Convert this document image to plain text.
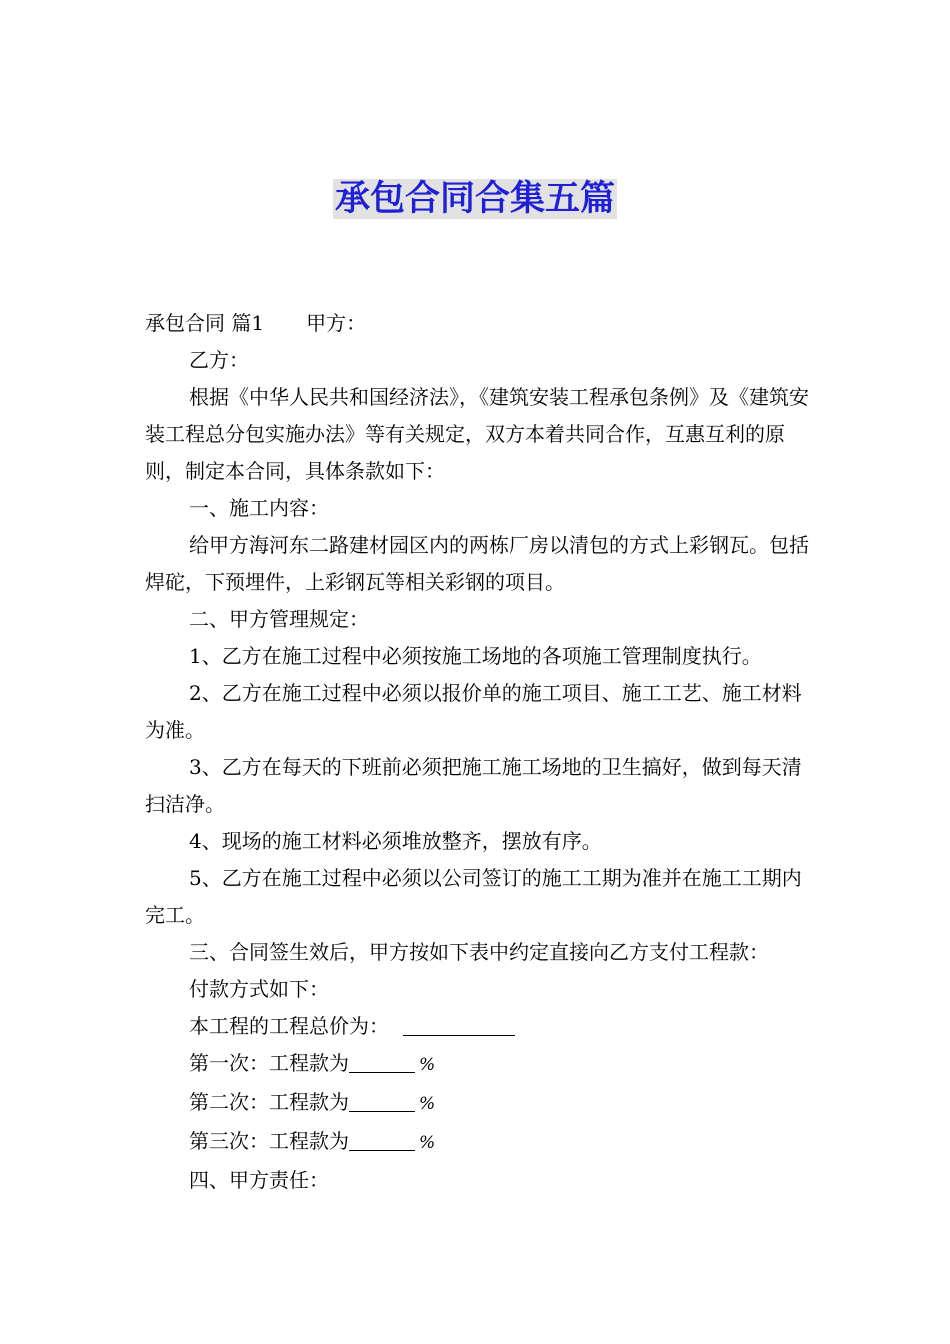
承包合同合集五篇

承包合同 篇1 甲方：

乙方：

根据《中华人民共和国经济法》，《建筑安装工程承包条例》及《建筑安装工程总分包实施办法》等有关规定，双方本着共同合作，互惠互利的原则，制定本合同，具体条款如下：

一、施工内容：

给甲方海河东二路建材园区内的两栋厂房以清包的方式上彩钢瓦。包括焊砣，下预埋件，上彩钢瓦等相关彩钢的项目。

二、甲方管理规定：

1、乙方在施工过程中必须按施工场地的各项施工管理制度执行。

2、乙方在施工过程中必须以报价单的施工项目、施工工艺、施工材料为准。

3、乙方在每天的下班前必须把施工施工场地的卫生搞好，做到每天清扫洁净。

4、现场的施工材料必须堆放整齐，摆放有序。

5、乙方在施工过程中必须以公司签订的施工工期为准并在施工工期内完工。

三、合同签生效后，甲方按如下表中约定直接向乙方支付工程款：

付款方式如下：

本工程的工程总价为：

第一次：工程款为	%

第二次：工程款为	%

第三次：工程款为	%

四、甲方责任：
